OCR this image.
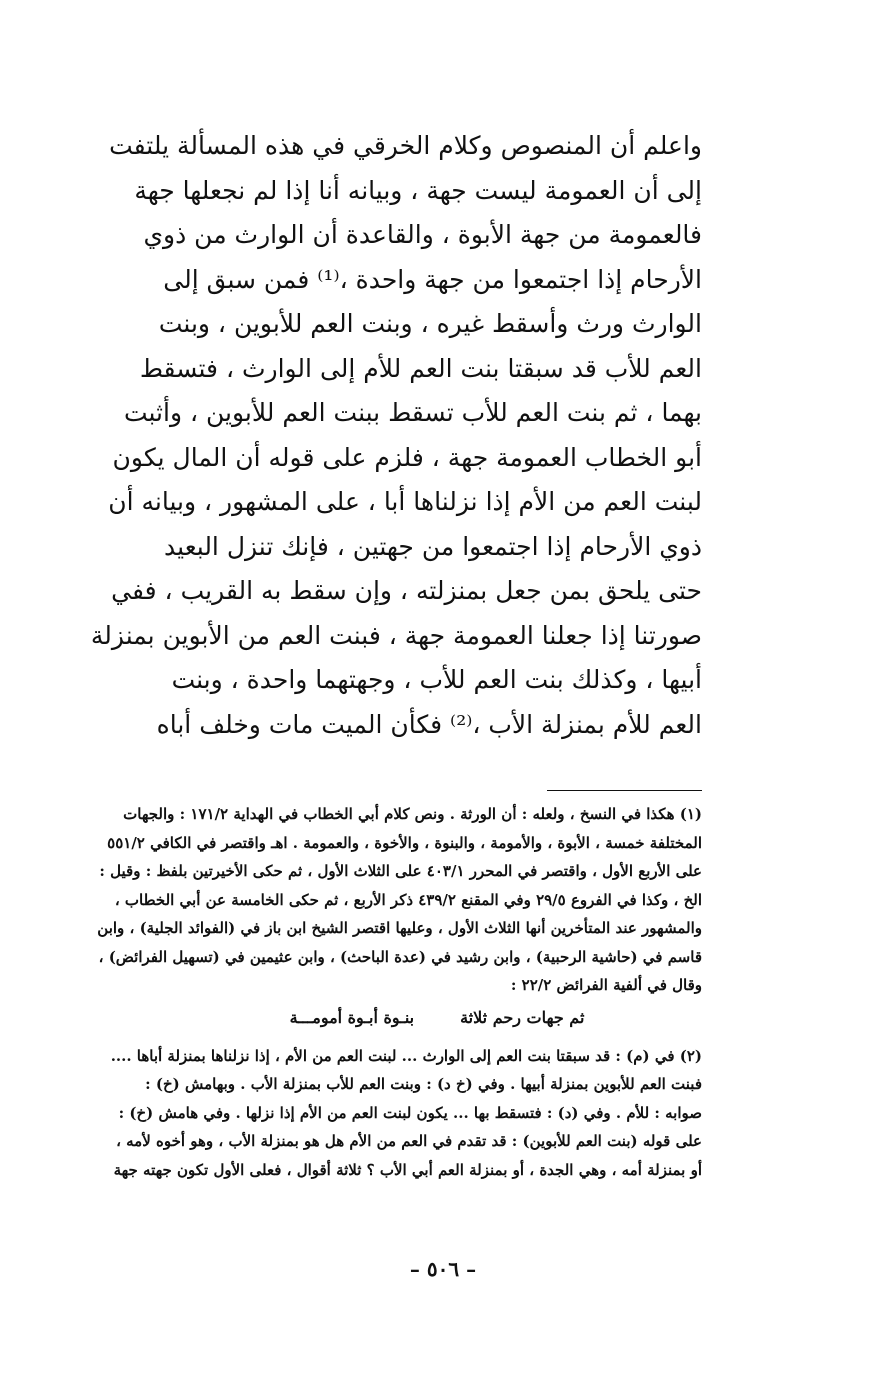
واعلم أن المنصوص وكلام الخرقي في هذه المسألة يلتفت
إلى أن العمومة ليست جهة ، وبيانه أنا إذا لم نجعلها جهة
فالعمومة من جهة الأبوة ، والقاعدة أن الوارث من ذوي
الأرحام إذا اجتمعوا من جهة واحدة ،⁽¹⁾ فمن سبق إلى
الوارث ورث وأسقط غيره ، وبنت العم للأبوين ، وبنت
العم للأب قد سبقتا بنت العم للأم إلى الوارث ، فتسقط
بهما ، ثم بنت العم للأب تسقط ببنت العم للأبوين ، وأثبت
أبو الخطاب العمومة جهة ، فلزم على قوله أن المال يكون
لبنت العم من الأم إذا نزلناها أبا ، على المشهور ، وبيانه أن
ذوي الأرحام إذا اجتمعوا من جهتين ، فإنك تنزل البعيد
حتى يلحق بمن جعل بمنزلته ، وإن سقط به القريب ، ففي
صورتنا إذا جعلنا العمومة جهة ، فبنت العم من الأبوين بمنزلة
أبيها ، وكذلك بنت العم للأب ، وجهتهما واحدة ، وبنت
العم للأم بمنزلة الأب ،⁽²⁾ فكأن الميت مات وخلف أباه
(١) هكذا في النسخ ، ولعله : أن الورثة . ونص كلام أبي الخطاب في الهداية ١٧١/٢ : والجهات
المختلفة خمسة ، الأبوة ، والأمومة ، والبنوة ، والأخوة ، والعمومة . اهـ واقتصر في الكافي ٥٥١/٢
على الأربع الأول ، واقتصر في المحرر ٤٠٣/١ على الثلاث الأول ، ثم حكى الأخيرتين بلفظ : وقيل :
الخ ، وكذا في الفروع ٢٩/٥ وفي المقنع ٤٣٩/٢ ذكر الأربع ، ثم حكى الخامسة عن أبي الخطاب ،
والمشهور عند المتأخرين أنها الثلاث الأول ، وعليها اقتصر الشيخ ابن باز في (الفوائد الجلية) ، وابن
قاسم في (حاشية الرحبية) ، وابن رشيد في (عدة الباحث) ، وابن عثيمين في (تسهيل الفرائض) ،
وقال في ألفية الفرائض ٢٢/٢ :
ثم جهات رحم ثلاثة
بنـوة أبـوة أمومـــة
(٢) في (م) : قد سبقتا بنت العم إلى الوارث ... لبنت العم من الأم ، إذا نزلناها بمنزلة أباها ....
فبنت العم للأبوين بمنزلة أبيها . وفي (خ د) : وبنت العم للأب بمنزلة الأب . وبهامش (خ) :
صوابه : للأم . وفي (د) : فتسقط بها ... يكون لبنت العم من الأم إذا نزلها . وفي هامش (خ) :
على قوله (بنت العم للأبوين) : قد تقدم في العم من الأم هل هو بمنزلة الأب ، وهو أخوه لأمه ،
أو بمنزلة أمه ، وهي الجدة ، أو بمنزلة العم أبي الأب ؟ ثلاثة أقوال ، فعلى الأول تكون جهته جهة
– ٥٠٦ –
